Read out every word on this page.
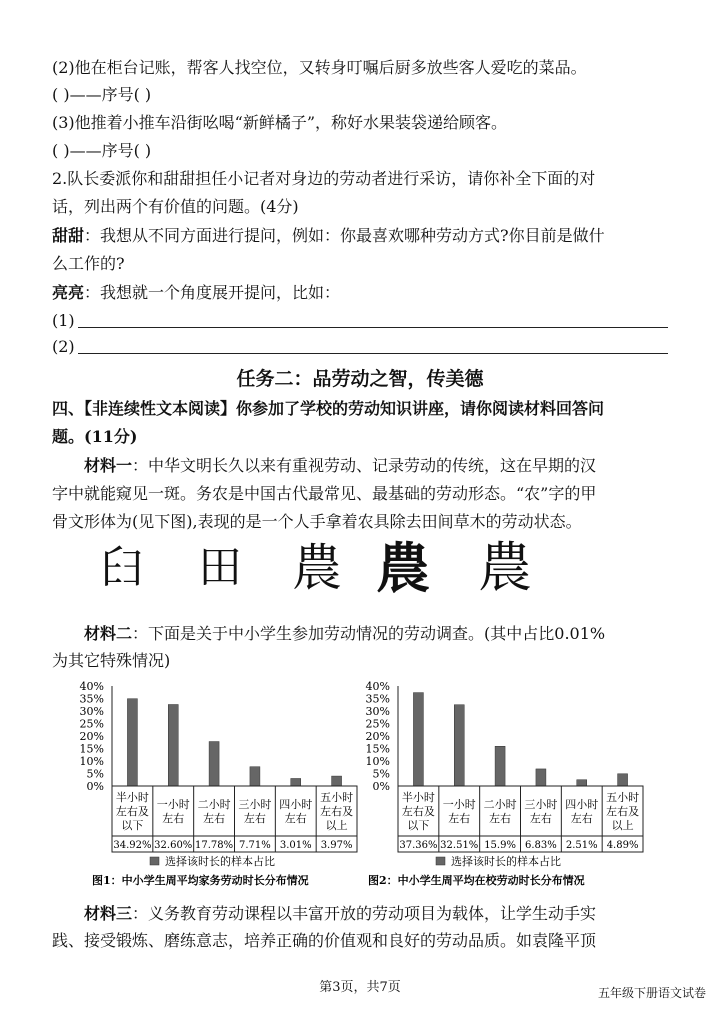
(2)他在柜台记账，帮客人找空位，又转身叮嘱后厨多放些客人爱吃的菜品。
( )——序号( )
(3)他推着小推车沿街吆喝“新鲜橘子”，称好水果装袋递给顾客。
( )——序号( )
2.队长委派你和甜甜担任小记者对身边的劳动者进行采访，请你补全下面的对
话，列出两个有价值的问题。(4分)
甜甜：我想从不同方面进行提问，例如：你最喜欢哪种劳动方式?你目前是做什
么工作的?
亮亮：我想就一个角度展开提问，比如：
(1)
(2)
任务二：品劳动之智，传美德
四、【非连续性文本阅读】你参加了学校的劳动知识讲座，请你阅读材料回答问
题。(11分)
材料一：中华文明长久以来有重视劳动、记录劳动的传统，这在早期的汉
字中就能窥见一斑。务农是中国古代最常见、最基础的劳动形态。“农”字的甲
骨文形体为(见下图),表现的是一个人手拿着农具除去田间草木的劳动状态。
𦥑 田 農 農 農
材料二：下面是关于中小学生参加劳动情况的劳动调查。(其中占比0.01%
为其它特殊情况)
40%
35%
30%
25%
20%
15%
10%
5%
0%
半小时
左右及
以下
34.92%
一小时
左右
32.60%
二小时
左右
17.78%
三小时
左右
7.71%
四小时
左右
3.01%
五小时
左右及
以上
3.97%
选择该时长的样本占比
图1：中小学生周平均家务劳动时长分布情况
40%
35%
30%
25%
20%
15%
10%
5%
0%
半小时
左右及
以下
37.36%
一小时
左右
32.51%
二小时
左右
15.9%
三小时
左右
6.83%
四小时
左右
2.51%
五小时
左右及
以上
4.89%
选择该时长的样本占比
图2：中小学生周平均在校劳动时长分布情况
材料三：义务教育劳动课程以丰富开放的劳动项目为载体，让学生动手实
践、接受锻炼、磨练意志，培养正确的价值观和良好的劳动品质。如袁隆平顶
第3页，共7页	五年级下册语文试卷
